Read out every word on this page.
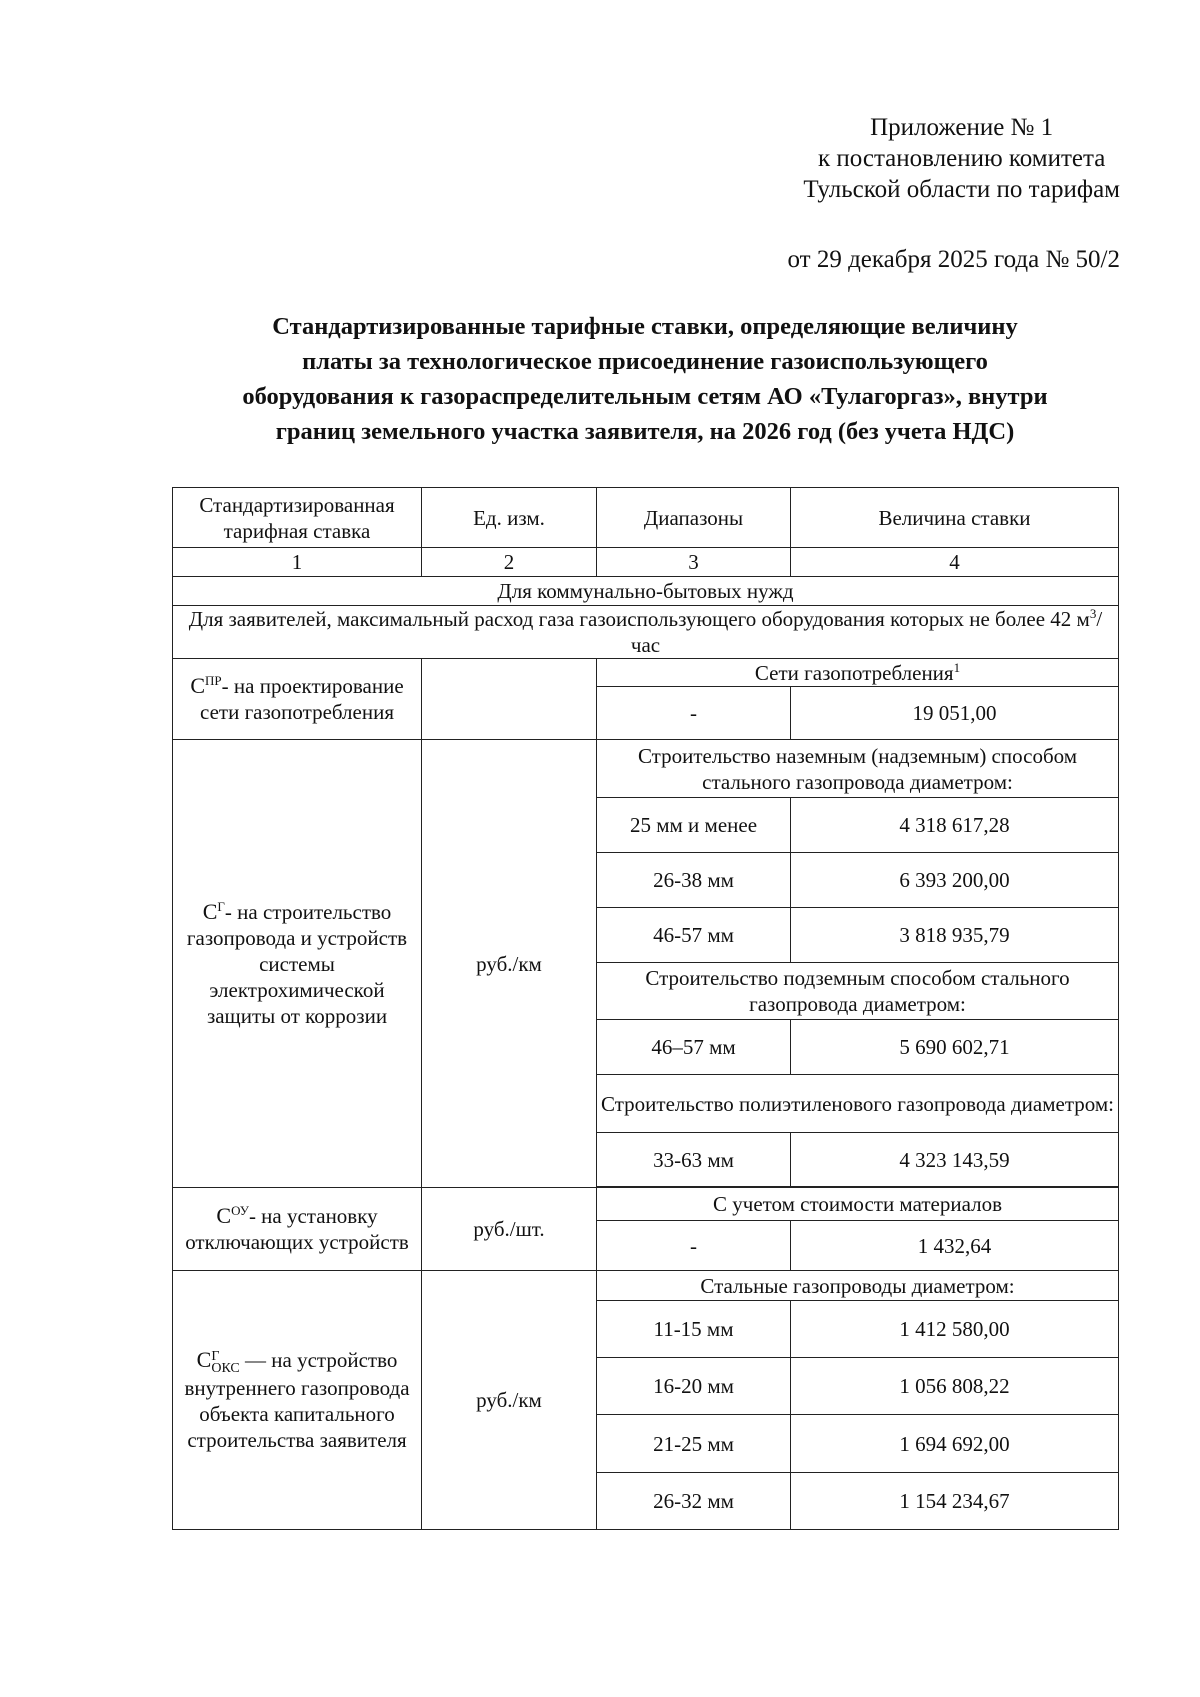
Приложение № 1
к постановлению комитета
Тульской области по тарифам
от 29 декабря 2025 года № 50/2
Стандартизированные тарифные ставки, определяющие величину
платы за технологическое присоединение газоиспользующего
оборудования к газораспределительным сетям АО «Тулагоргаз», внутри
границ земельного участка заявителя, на 2026 год (без учета НДС)
Стандартизированная тарифная ставка	Ед. изм.	Диапазоны	Величина ставки
1	2	3	4
Для коммунально-бытовых нужд			
Для заявителей, максимальный расход газа газоиспользующего оборудования которых не более 42 $м^3$/час			
$С^{ПР}-$ на проектирование сети газопотребления		Сети газопотребления$^1$
		-	19 051,00
$С^Г-$ на строительство газопровода и устройств системы электрохимической защиты от коррозии	руб./км	Строительство наземным (надземным) способом стального газопровода диаметром:	
		25 мм и менее	4 318 617,28
		26-38 мм	6 393 200,00
		46-57 мм	3 818 935,79
		Строительство подземным способом стального газопровода диаметром:	
		46–57 мм	5 690 602,71
		Строительство полиэтиленового газопровода диаметром:	
		33-63 мм	4 323 143,59

$С^{ОУ}-$ на установку отключающих устройств	руб./шт.	С учетом стоимости материалов	
		-	1 432,64
С Г
ОКС — на устройство внутреннего газопровода объекта капитального строительства заявителя	руб./км	Стальные газопроводы диаметром:	
		11-15 мм	1 412 580,00
		16-20 мм	1 056 808,22
		21-25 мм	1 694 692,00
		26-32 мм	1 154 234,67
